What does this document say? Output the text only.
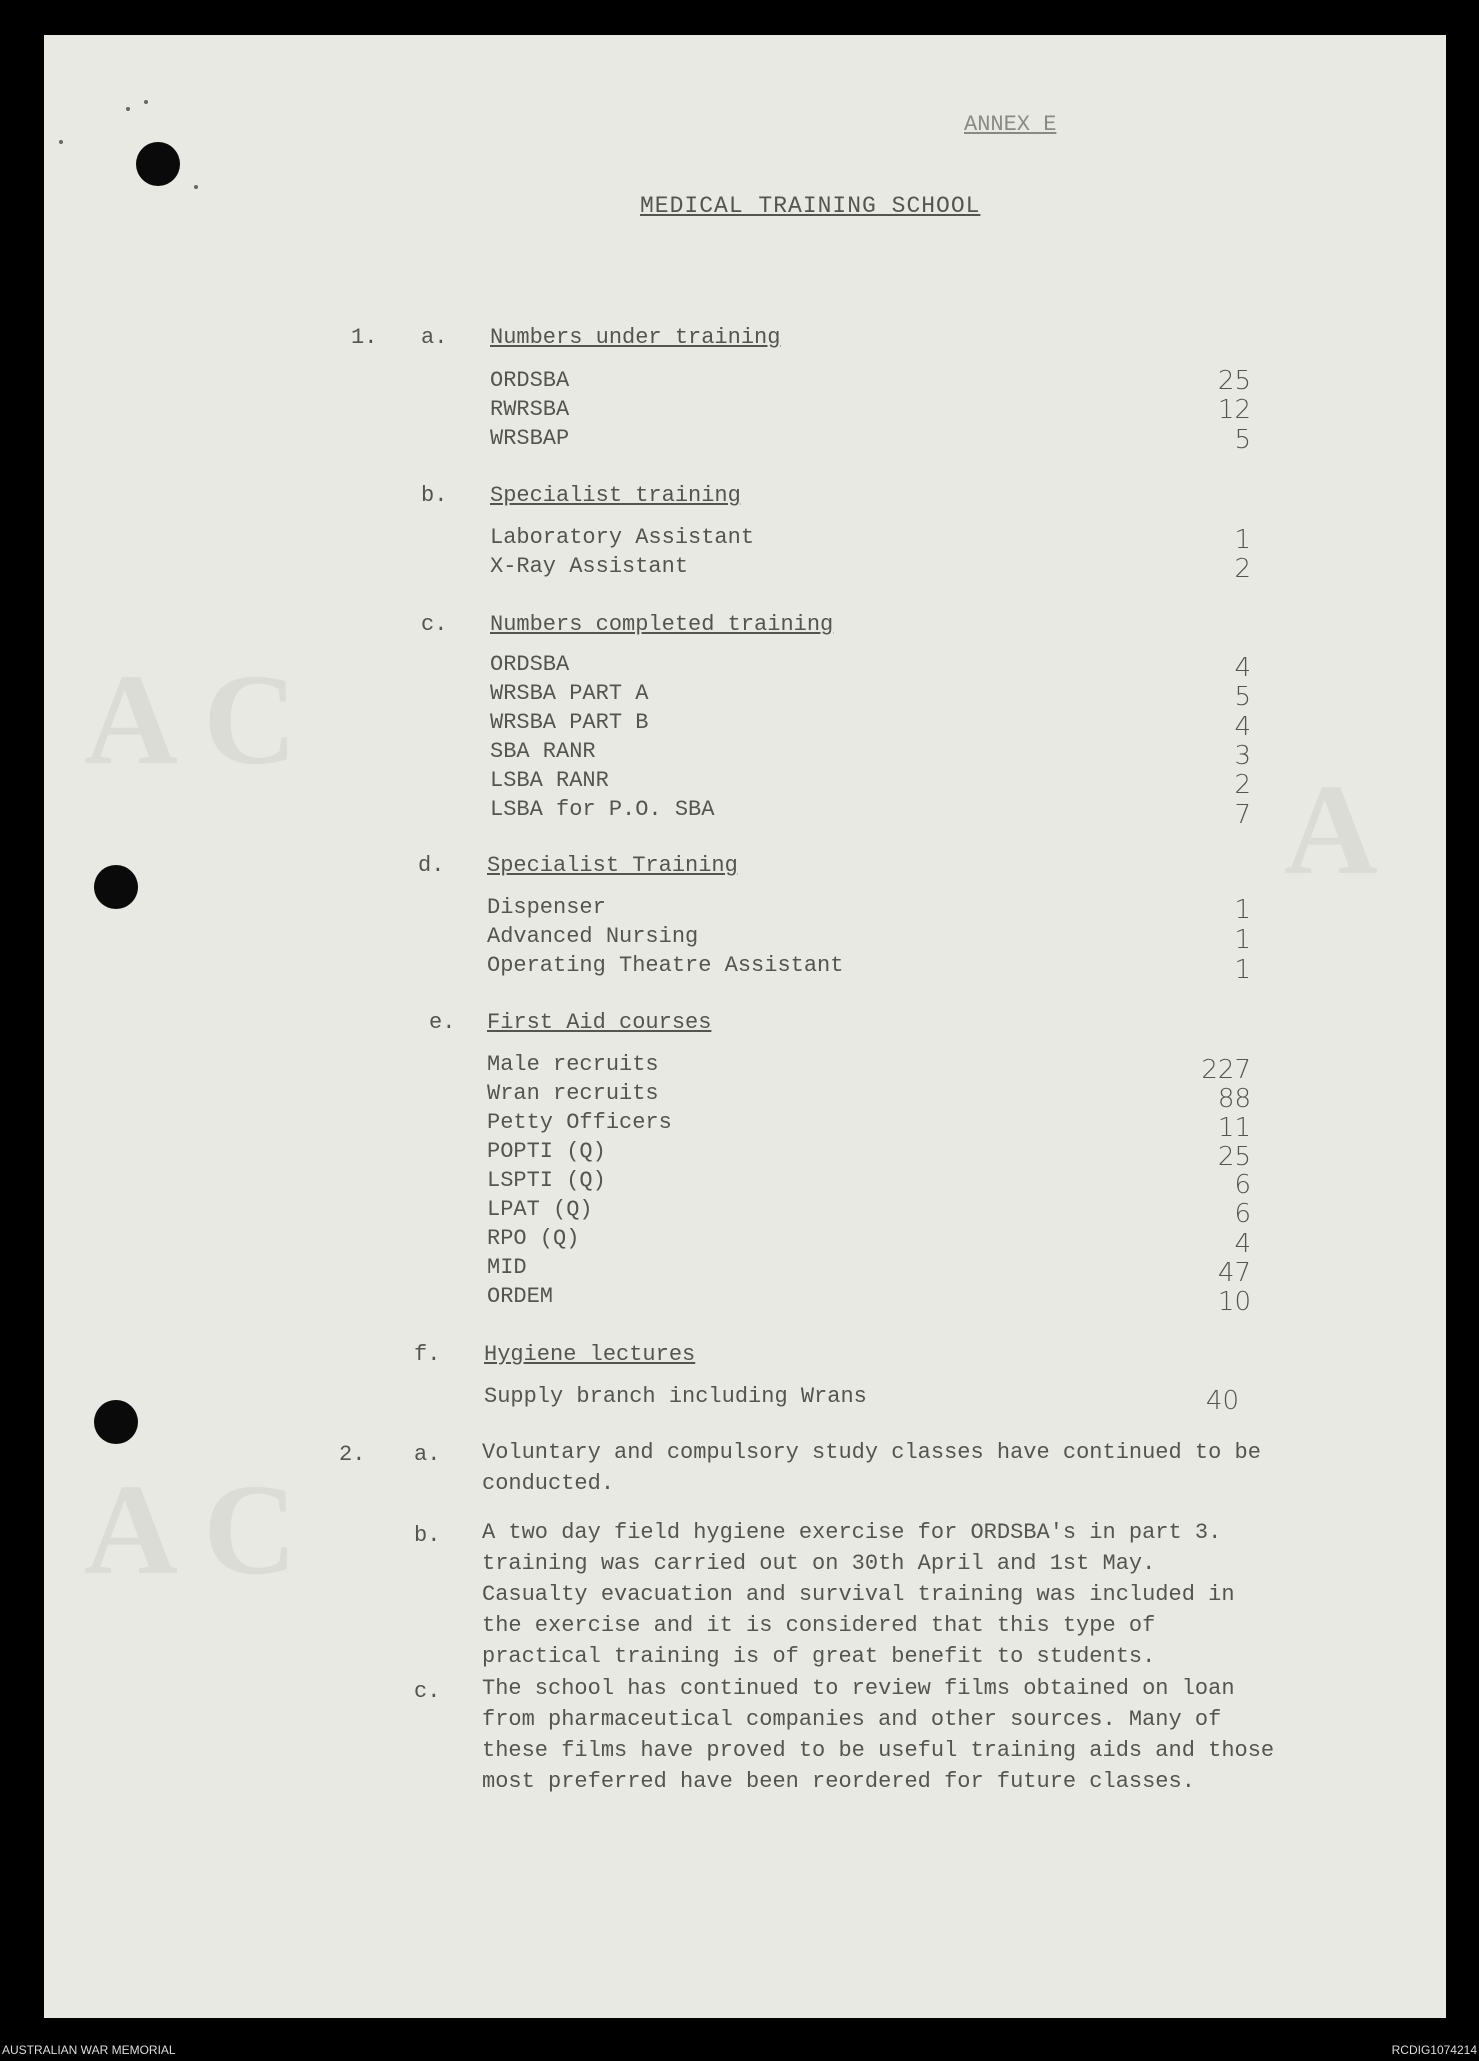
A C
A C
A
ANNEX E
MEDICAL TRAINING SCHOOL
1. a. Numbers under training
ORDSBA	25
RWRSBA	12
WRSBAP	5
b. Specialist training
Laboratory Assistant	1
X-Ray Assistant	2
c. Numbers completed training
ORDSBA	4
WRSBA PART A	5
WRSBA PART B	4
SBA RANR	3
LSBA RANR	2
LSBA for P.O. SBA	7
d. Specialist Training
Dispenser	1
Advanced Nursing	1
Operating Theatre Assistant	1
e. First Aid courses
Male recruits	227
Wran recruits	88
Petty Officers	11
POPTI (Q)	25
LSPTI (Q)	6
LPAT (Q)	6
RPO (Q)	4
MID	47
ORDEM	10
f. Hygiene lectures
Supply branch including Wrans	40
2. a. Voluntary and compulsory study classes have continued to be
conducted.
b. A two day field hygiene exercise for ORDSBA's in part 3.
training was carried out on 30th April and 1st May.
Casualty evacuation and survival training was included in
the exercise and it is considered that this type of
practical training is of great benefit to students.
c. The school has continued to review films obtained on loan
from pharmaceutical companies and other sources. Many of
these films have proved to be useful training aids and those
most preferred have been reordered for future classes.
AUSTRALIAN WAR MEMORIAL	RCDIG1074214
